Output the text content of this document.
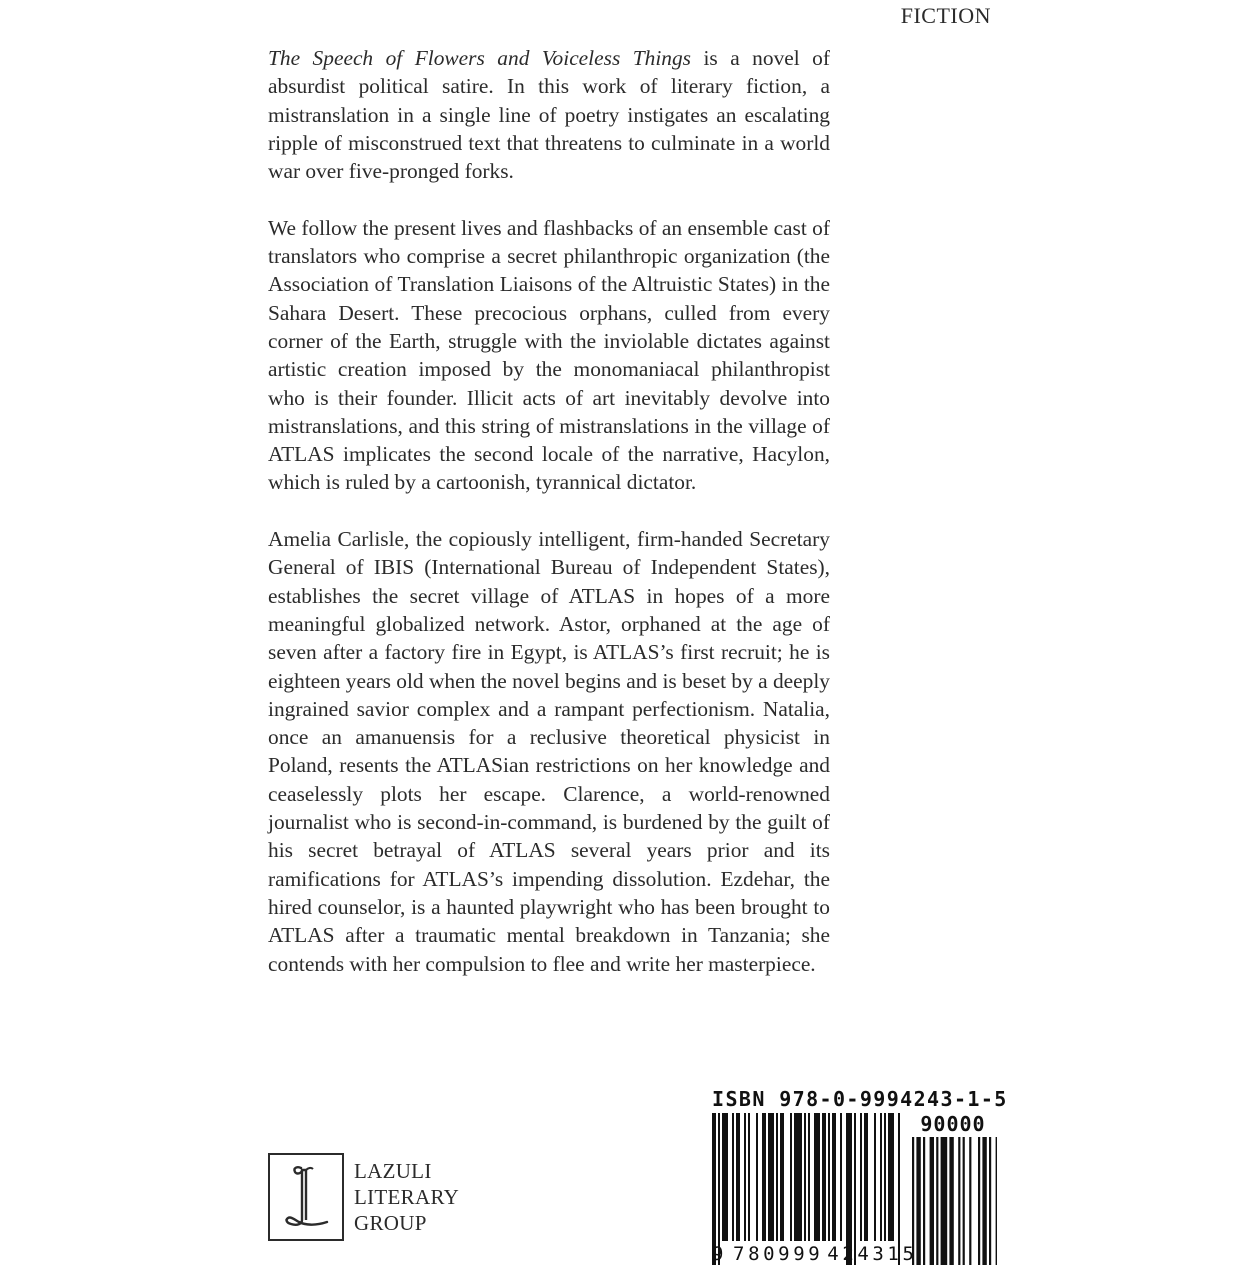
FICTION

The Speech of Flowers and Voiceless Things is a novel of absurdist political satire. In this work of literary fiction, a mistranslation in a single line of poetry instigates an escalating ripple of misconstrued text that threatens to culminate in a world war over five-pronged forks.

We follow the present lives and flashbacks of an ensemble cast of translators who comprise a secret philanthropic organization (the Association of Translation Liaisons of the Altruistic States) in the Sahara Desert. These precocious orphans, culled from every corner of the Earth, struggle with the inviolable dictates against artistic creation imposed by the monomaniacal philanthropist who is their founder. Illicit acts of art inevitably devolve into mistranslations, and this string of mistranslations in the village of ATLAS implicates the second locale of the narrative, Hacylon, which is ruled by a cartoonish, tyrannical dictator.

Amelia Carlisle, the copiously intelligent, firm-handed Secretary General of IBIS (International Bureau of Independent States), establishes the secret village of ATLAS in hopes of a more meaningful globalized network. Astor, orphaned at the age of seven after a factory fire in Egypt, is ATLAS’s first recruit; he is eighteen years old when the novel begins and is beset by a deeply ingrained savior complex and a rampant perfectionism. Natalia, once an amanuensis for a reclusive theoretical physicist in Poland, resents the ATLASian restrictions on her knowledge and ceaselessly plots her escape. Clarence, a world-renowned journalist who is second-in-command, is burdened by the guilt of his secret betrayal of ATLAS several years prior and its ramifications for ATLAS’s impending dissolution. Ezdehar, the hired counselor, is a haunted playwright who has been brought to ATLAS after a traumatic mental breakdown in Tanzania; she contends with her compulsion to flee and write her masterpiece.

LAZULI
LITERARY
GROUP
ISBN 978-0-9994243-1-5
90000
9 780999 424315
